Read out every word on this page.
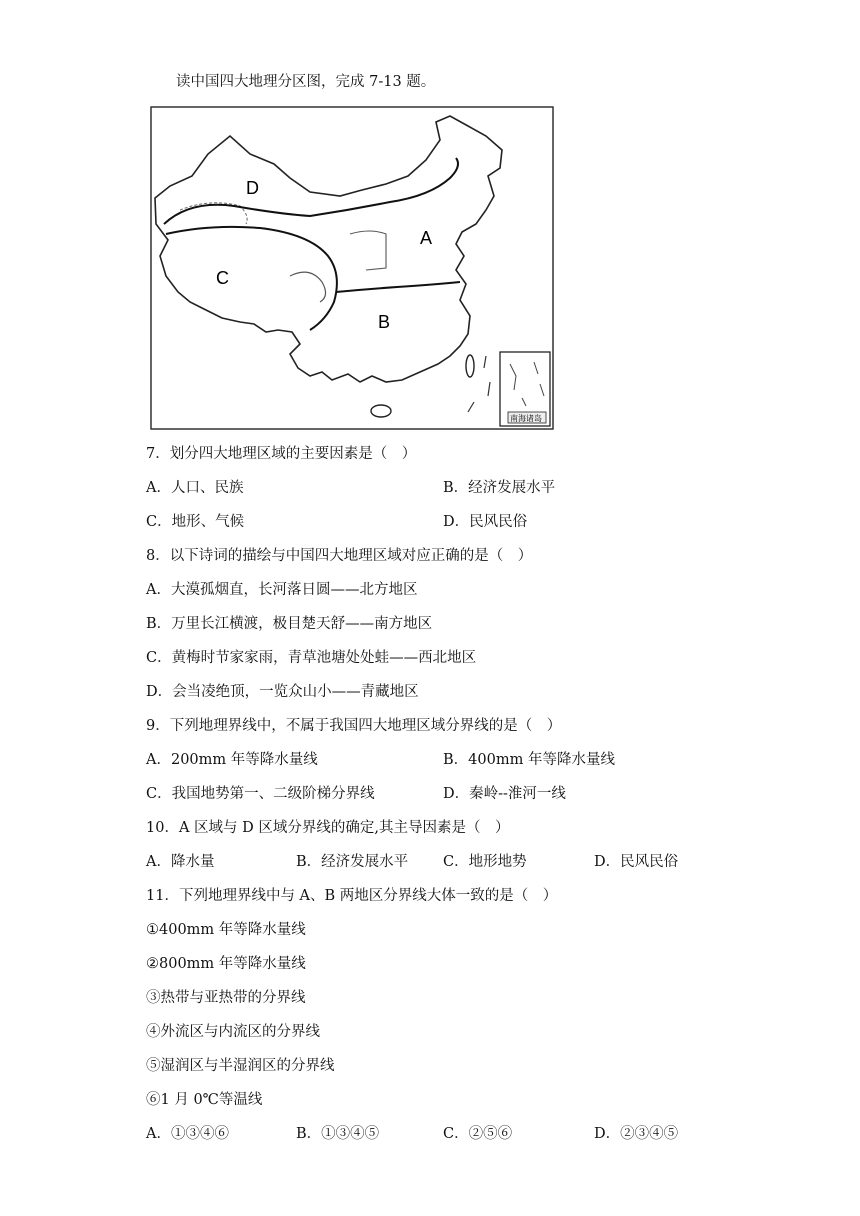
读中国四大地理分区图，完成 7-13 题。
A
B
C
D
南海诸岛
7．划分四大地理区域的主要因素是（　）
A．人口、民族	B．经济发展水平
C．地形、气候	D．民风民俗
8．以下诗词的描绘与中国四大地理区域对应正确的是（　）
A．大漠孤烟直，长河落日圆——北方地区
B．万里长江横渡，极目楚天舒——南方地区
C．黄梅时节家家雨，青草池塘处处蛙——西北地区
D．会当凌绝顶，一览众山小——青藏地区
9．下列地理界线中，不属于我国四大地理区域分界线的是（　）
A．200mm 年等降水量线	B．400mm 年等降水量线
C．我国地势第一、二级阶梯分界线	D．秦岭--淮河一线
10．A 区域与 D 区域分界线的确定,其主导因素是（　）
A．降水量	B．经济发展水平 C．地形地势	D．民风民俗
11．下列地理界线中与 A、B 两地区分界线大体一致的是（　）
①400mm 年等降水量线
②800mm 年等降水量线
③热带与亚热带的分界线
④外流区与内流区的分界线
⑤湿润区与半湿润区的分界线
⑥1 月 0℃等温线
A．①③④⑥	B．①③④⑤	C．②⑤⑥	D．②③④⑤
